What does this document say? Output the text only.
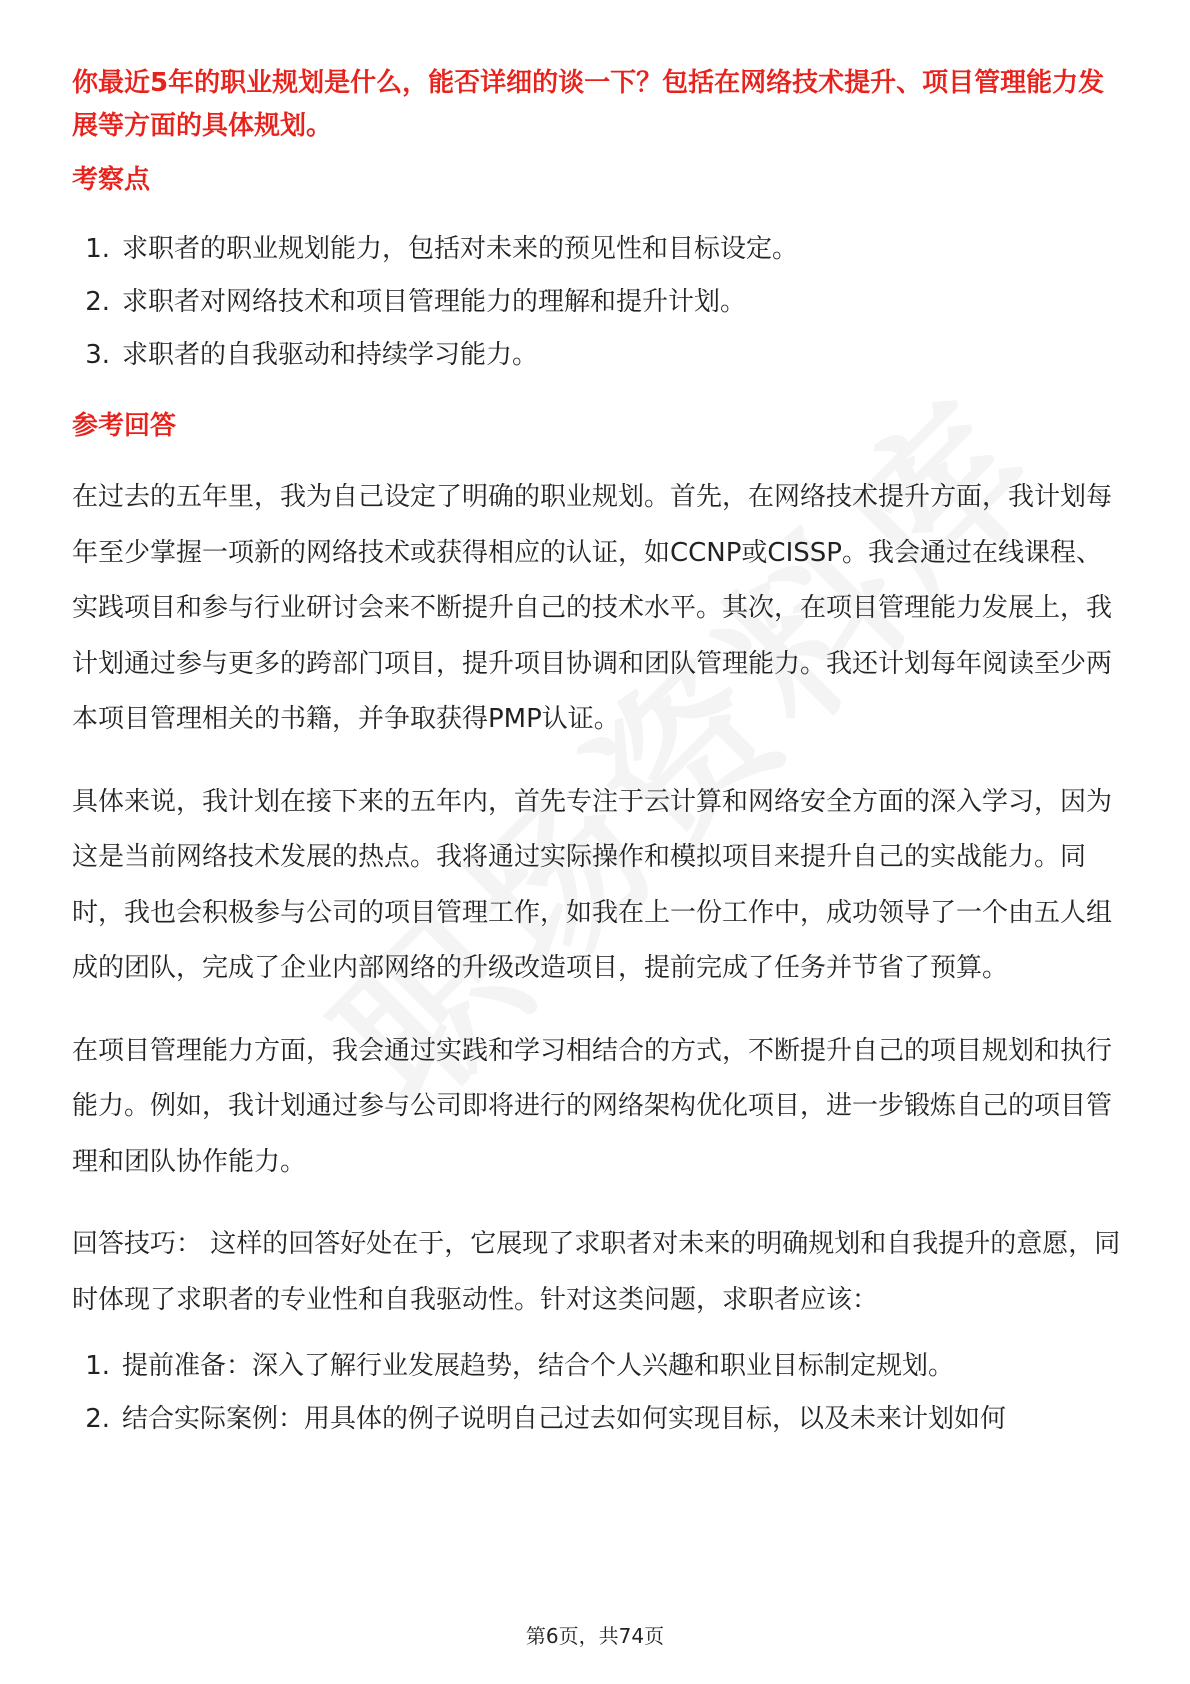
你最近5年的职业规划是什么，能否详细的谈一下？包括在网络技术提升、项目管理能力发展等方面的具体规划。

考察点
1. 求职者的职业规划能力，包括对未来的预见性和目标设定。
2. 求职者对网络技术和项目管理能力的理解和提升计划。
3. 求职者的自我驱动和持续学习能力。
参考回答

在过去的五年里，我为自己设定了明确的职业规划。首先，在网络技术提升方面，我计划每年至少掌握一项新的网络技术或获得相应的认证，如CCNP或CISSP。我会通过在线课程、实践项目和参与行业研讨会来不断提升自己的技术水平。其次，在项目管理能力发展上，我计划通过参与更多的跨部门项目，提升项目协调和团队管理能力。我还计划每年阅读至少两本项目管理相关的书籍，并争取获得PMP认证。

具体来说，我计划在接下来的五年内，首先专注于云计算和网络安全方面的深入学习，因为这是当前网络技术发展的热点。我将通过实际操作和模拟项目来提升自己的实战能力。同时，我也会积极参与公司的项目管理工作，如我在上一份工作中，成功领导了一个由五人组成的团队，完成了企业内部网络的升级改造项目，提前完成了任务并节省了预算。

在项目管理能力方面，我会通过实践和学习相结合的方式，不断提升自己的项目规划和执行能力。例如，我计划通过参与公司即将进行的网络架构优化项目，进一步锻炼自己的项目管理和团队协作能力。

回答技巧： 这样的回答好处在于，它展现了求职者对未来的明确规划和自我提升的意愿，同时体现了求职者的专业性和自我驱动性。针对这类问题，求职者应该：

1. 提前准备：深入了解行业发展趋势，结合个人兴趣和职业目标制定规划。
2. 结合实际案例：用具体的例子说明自己过去如何实现目标，以及未来计划如何
第6页，共74页
